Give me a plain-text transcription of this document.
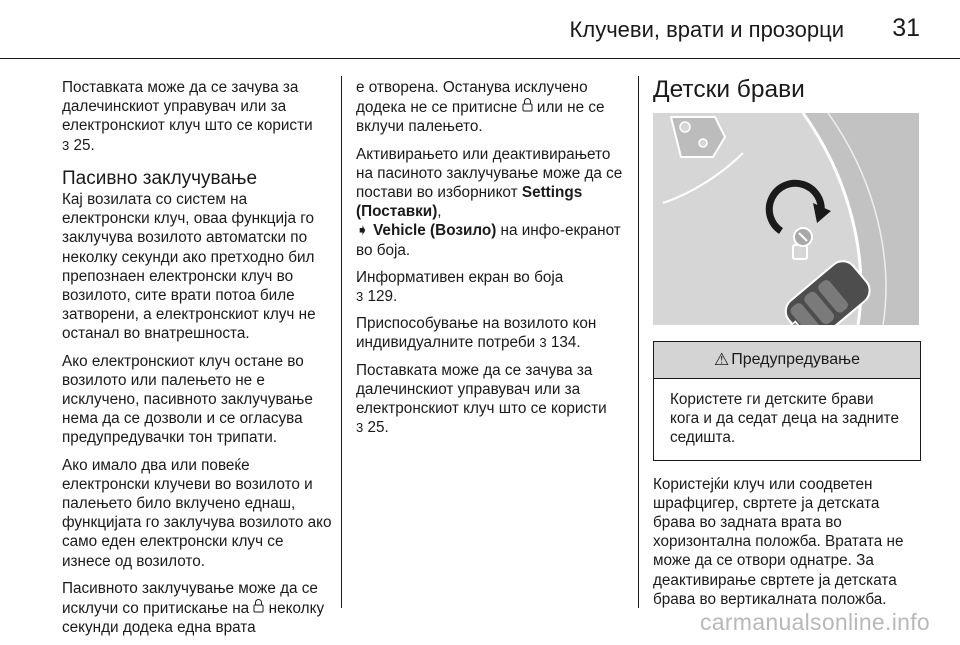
Клучеви, врати и прозорци 31

Поставката може да се зачува за далечинскиот управувач или за електронскиот клуч што се користи
3 25.

Пасивно заклучување

Кај возилата со систем на електронски клуч, оваа функција го заклучува возилото автоматски по неколку секунди ако претходно бил препознаен електронски клуч во возилото, сите врати потоа биле затворени, а електронскиот клуч не останал во внатрешноста.

Ако електронскиот клуч остане во возилото или палењето не е исклучено, пасивното заклучување нема да се дозволи и се огласува предупредувачки тон трипати.

Ако имало два или повеќе електронски клучеви во возилото и палењето било вклучено еднаш, функцијата го заклучува возилото ако само еден електронски клуч се изнесе од возилото.

Пасивното заклучување може да се исклучи со притискање на  неколку секунди додека една врата

е отворена. Останува исклучено додека не се притисне  или не се вклучи палењето.

Активирањето или деактивирањето на пасиното заклучување може да се постави во изборникот Settings (Поставки),
➧ Vehicle (Возило) на инфо-екранот во боја.

Информативен екран во боја
3 129.

Приспособување на возилото кон индивидуалните потреби 3 134.

Поставката може да се зачува за далечинскиот управувач или за електронскиот клуч што се користи
3 25.

Детски брави
⚠ Предупредување
Користете ги детските брави кога и да седат деца на задните седишта.

Користејќи клуч или соодветен шрафцигер, свртете ја детската брава во задната врата во хоризонтална положба. Вратата не може да се отвори однатре. За деактивирање свртете ја детската брава во вертикалната положба.

carmanualsonline.info
